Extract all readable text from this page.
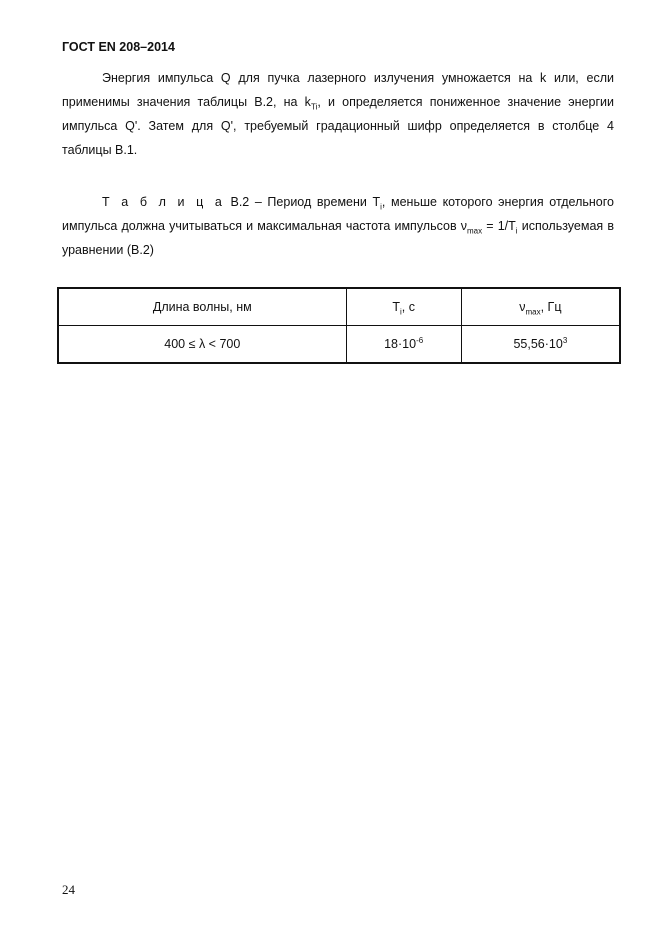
ГОСТ EN 208–2014

Энергия импульса Q для пучка лазерного излучения умножается на k или, если применимы значения таблицы В.2, на $k_{Ti}$, и определяется пониженное значение энергии импульса Q'. Затем для Q', требуемый градационный шифр определяется в столбце 4 таблицы В.1.

Т а б л и ц а В.2 – Период времени $T_i$, меньше которого энергия отдельного импульса должна учитываться и максимальная частота импульсов $\nu_{max} = 1/T_i$ используемая в уравнении (В.2)

Длина волны, нм	$T_i$, с	$\nu_{max}$, Гц
400 ≤ λ < 700	$18\cdot 10^{-6}$	$55,56\cdot 10^3$
24
